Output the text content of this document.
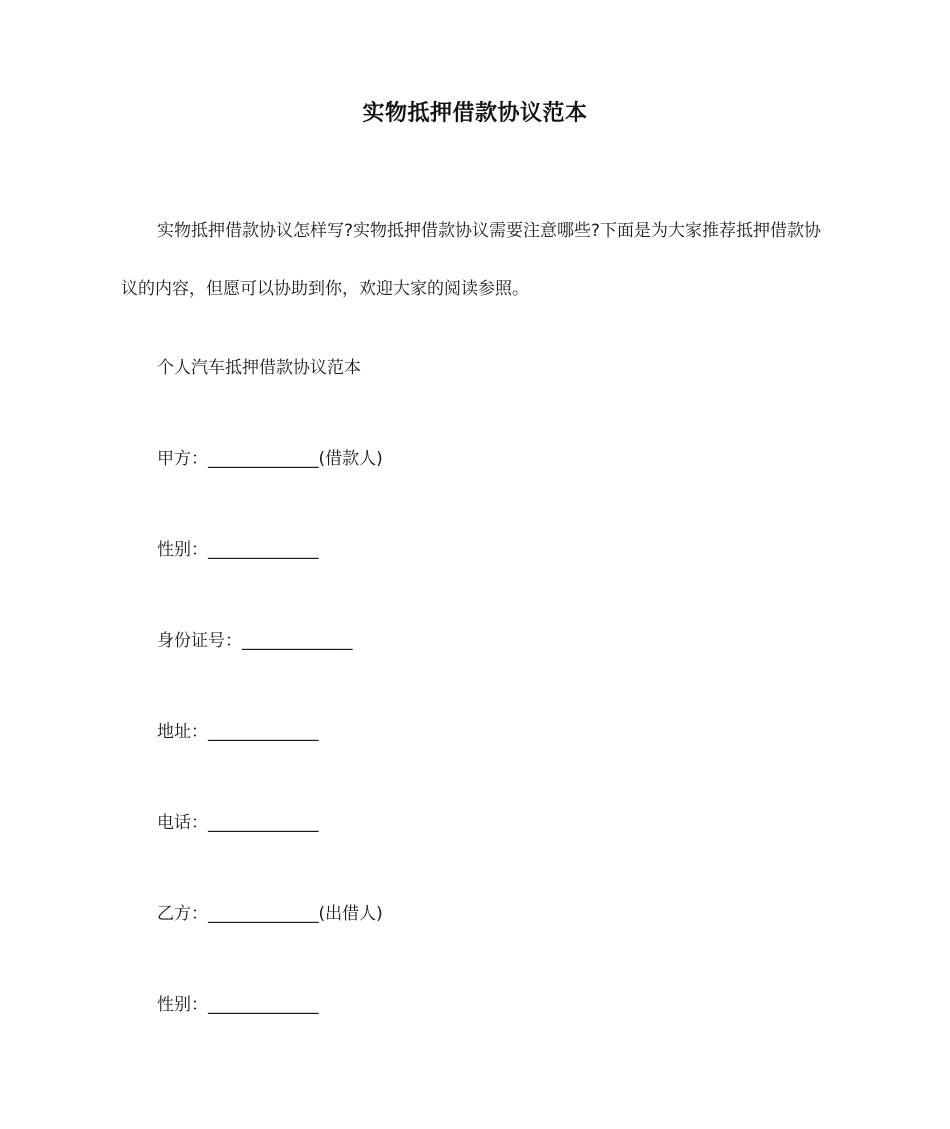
实物抵押借款协议范本
实物抵押借款协议怎样写?实物抵押借款协议需要注意哪些?下面是为大家推荐抵押借款协议的内容，但愿可以协助到你，欢迎大家的阅读参照。
个人汽车抵押借款协议范本
甲方：_____________(借款人)
性别：_____________
身份证号：_____________
地址：_____________
电话：_____________
乙方：_____________(出借人)
性别：_____________
